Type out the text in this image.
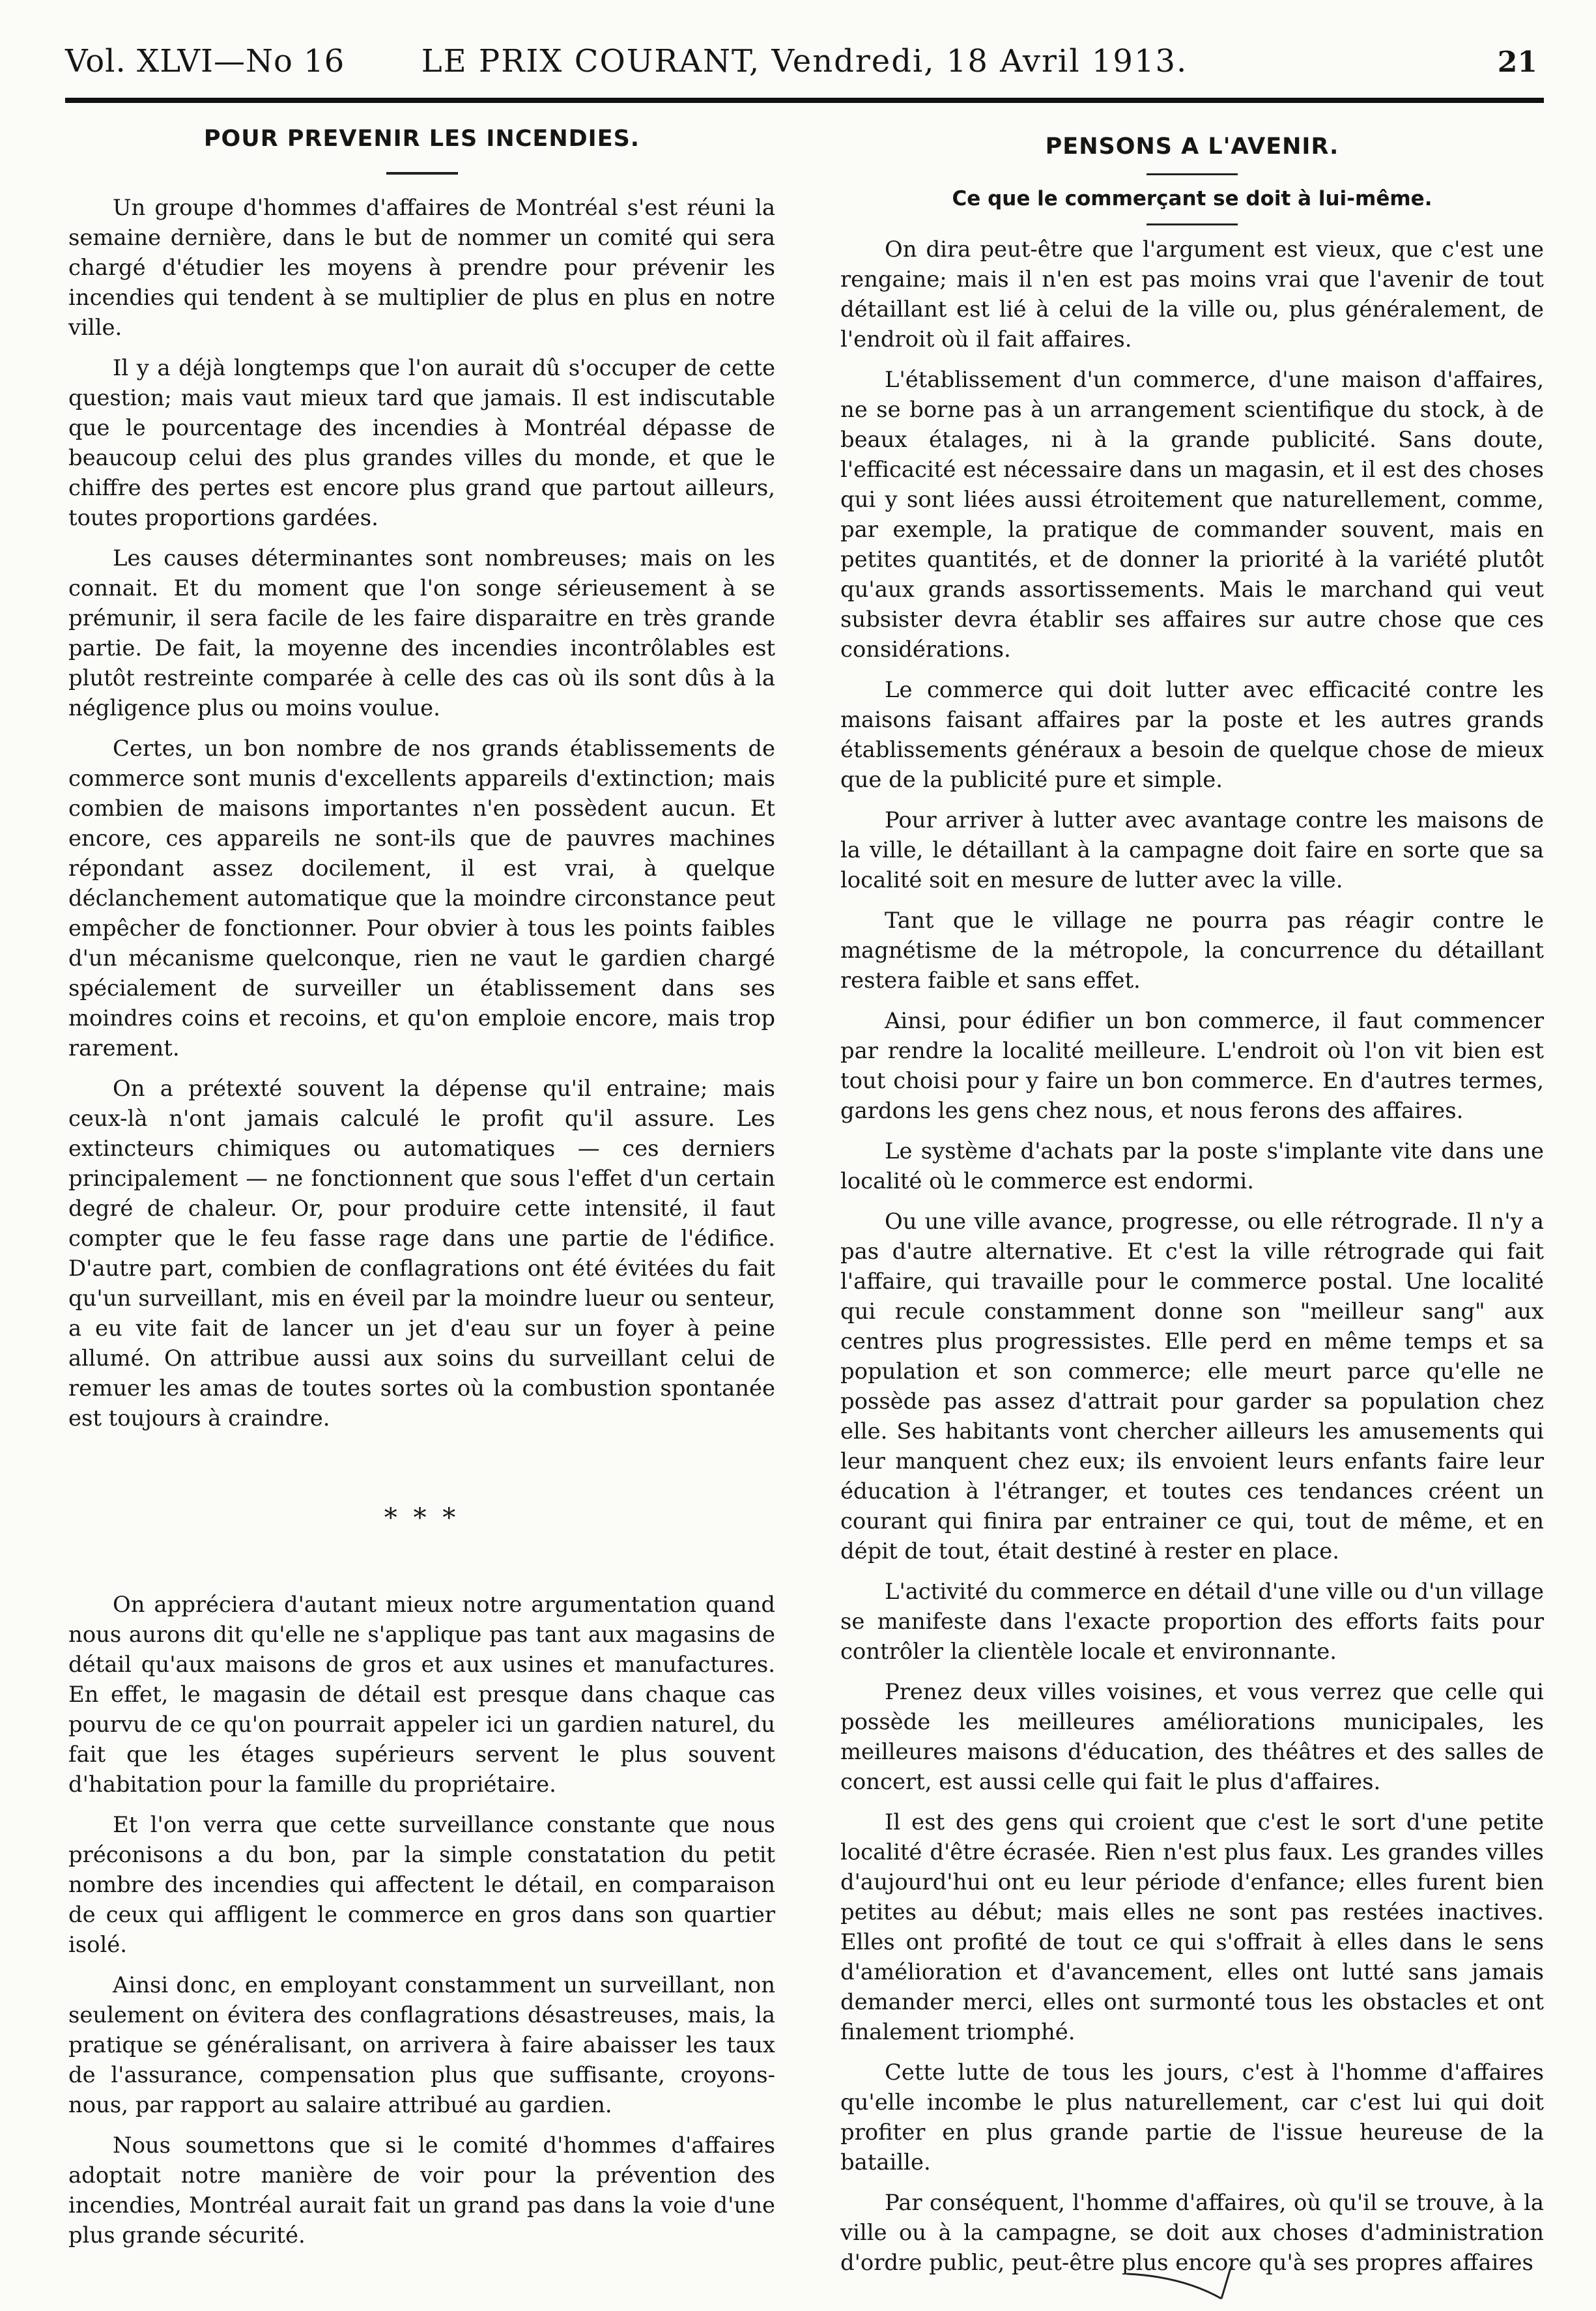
LE PRIX COURANT, Vendredi, 18 Avril 1913.
Vol. XLVI—No 16	21
POUR PREVENIR LES INCENDIES.

Un groupe d'hommes d'affaires de Montréal s'est réuni la semaine dernière, dans le but de nommer un comité qui sera chargé d'étudier les moyens à prendre pour prévenir les incendies qui tendent à se multiplier de plus en plus en notre ville.

Il y a déjà longtemps que l'on aurait dû s'occuper de cette question; mais vaut mieux tard que jamais. Il est indiscutable que le pourcentage des incendies à Montréal dépasse de beaucoup celui des plus grandes villes du monde, et que le chiffre des pertes est encore plus grand que partout ailleurs, toutes proportions gardées.

Les causes déterminantes sont nombreuses; mais on les connait. Et du moment que l'on songe sérieusement à se prémunir, il sera facile de les faire disparaitre en très grande partie. De fait, la moyenne des incendies incontrôlables est plutôt restreinte comparée à celle des cas où ils sont dûs à la négligence plus ou moins voulue.

Certes, un bon nombre de nos grands établissements de commerce sont munis d'excellents appareils d'extinction; mais combien de maisons importantes n'en possèdent aucun. Et encore, ces appareils ne sont-ils que de pauvres machines répondant assez docilement, il est vrai, à quelque déclanchement automatique que la moindre circonstance peut empêcher de fonctionner. Pour obvier à tous les points faibles d'un mécanisme quelconque, rien ne vaut le gardien chargé spécialement de surveiller un établissement dans ses moindres coins et recoins, et qu'on emploie encore, mais trop rarement.

On a prétexté souvent la dépense qu'il entraine; mais ceux-là n'ont jamais calculé le profit qu'il assure. Les extincteurs chimiques ou automatiques — ces derniers principalement — ne fonctionnent que sous l'effet d'un certain degré de chaleur. Or, pour produire cette intensité, il faut compter que le feu fasse rage dans une partie de l'édifice. D'autre part, combien de conflagrations ont été évitées du fait qu'un surveillant, mis en éveil par la moindre lueur ou senteur, a eu vite fait de lancer un jet d'eau sur un foyer à peine allumé. On attribue aussi aux soins du surveillant celui de remuer les amas de toutes sortes où la combustion spontanée est toujours à craindre.

* * *

On appréciera d'autant mieux notre argumentation quand nous aurons dit qu'elle ne s'applique pas tant aux magasins de détail qu'aux maisons de gros et aux usines et manufactures. En effet, le magasin de détail est presque dans chaque cas pourvu de ce qu'on pourrait appeler ici un gardien naturel, du fait que les étages supérieurs servent le plus souvent d'habitation pour la famille du propriétaire.

Et l'on verra que cette surveillance constante que nous préconisons a du bon, par la simple constatation du petit nombre des incendies qui affectent le détail, en comparaison de ceux qui affligent le commerce en gros dans son quartier isolé.

Ainsi donc, en employant constamment un surveillant, non seulement on évitera des conflagrations désastreuses, mais, la pratique se généralisant, on arrivera à faire abaisser les taux de l'assurance, compensation plus que suffisante, croyons-nous, par rapport au salaire attribué au gardien.

Nous soumettons que si le comité d'hommes d'affaires adoptait notre manière de voir pour la prévention des incendies, Montréal aurait fait un grand pas dans la voie d'une plus grande sécurité.

PENSONS A L'AVENIR.
Ce que le commerçant se doit à lui-même.

On dira peut-être que l'argument est vieux, que c'est une rengaine; mais il n'en est pas moins vrai que l'avenir de tout détaillant est lié à celui de la ville ou, plus généralement, de l'endroit où il fait affaires.

L'établissement d'un commerce, d'une maison d'affaires, ne se borne pas à un arrangement scientifique du stock, à de beaux étalages, ni à la grande publicité. Sans doute, l'efficacité est nécessaire dans un magasin, et il est des choses qui y sont liées aussi étroitement que naturellement, comme, par exemple, la pratique de commander souvent, mais en petites quantités, et de donner la priorité à la variété plutôt qu'aux grands assortissements. Mais le marchand qui veut subsister devra établir ses affaires sur autre chose que ces considérations.

Le commerce qui doit lutter avec efficacité contre les maisons faisant affaires par la poste et les autres grands établissements généraux a besoin de quelque chose de mieux que de la publicité pure et simple.

Pour arriver à lutter avec avantage contre les maisons de la ville, le détaillant à la campagne doit faire en sorte que sa localité soit en mesure de lutter avec la ville.

Tant que le village ne pourra pas réagir contre le magnétisme de la métropole, la concurrence du détaillant restera faible et sans effet.

Ainsi, pour édifier un bon commerce, il faut commencer par rendre la localité meilleure. L'endroit où l'on vit bien est tout choisi pour y faire un bon commerce. En d'autres termes, gardons les gens chez nous, et nous ferons des affaires.

Le système d'achats par la poste s'implante vite dans une localité où le commerce est endormi.

Ou une ville avance, progresse, ou elle rétrograde. Il n'y a pas d'autre alternative. Et c'est la ville rétrograde qui fait l'affaire, qui travaille pour le commerce postal. Une localité qui recule constamment donne son "meilleur sang" aux centres plus progressistes. Elle perd en même temps et sa population et son commerce; elle meurt parce qu'elle ne possède pas assez d'attrait pour garder sa population chez elle. Ses habitants vont chercher ailleurs les amusements qui leur manquent chez eux; ils envoient leurs enfants faire leur éducation à l'étranger, et toutes ces tendances créent un courant qui finira par entrainer ce qui, tout de même, et en dépit de tout, était destiné à rester en place.

L'activité du commerce en détail d'une ville ou d'un village se manifeste dans l'exacte proportion des efforts faits pour contrôler la clientèle locale et environnante.

Prenez deux villes voisines, et vous verrez que celle qui possède les meilleures améliorations municipales, les meilleures maisons d'éducation, des théâtres et des salles de concert, est aussi celle qui fait le plus d'affaires.

Il est des gens qui croient que c'est le sort d'une petite localité d'être écrasée. Rien n'est plus faux. Les grandes villes d'aujourd'hui ont eu leur période d'enfance; elles furent bien petites au début; mais elles ne sont pas restées inactives. Elles ont profité de tout ce qui s'offrait à elles dans le sens d'amélioration et d'avancement, elles ont lutté sans jamais demander merci, elles ont surmonté tous les obstacles et ont finalement triomphé.

Cette lutte de tous les jours, c'est à l'homme d'affaires qu'elle incombe le plus naturellement, car c'est lui qui doit profiter en plus grande partie de l'issue heureuse de la bataille.

Par conséquent, l'homme d'affaires, où qu'il se trouve, à la ville ou à la campagne, se doit aux choses d'administration d'ordre public, peut-être plus encore qu'à ses propres affaires
